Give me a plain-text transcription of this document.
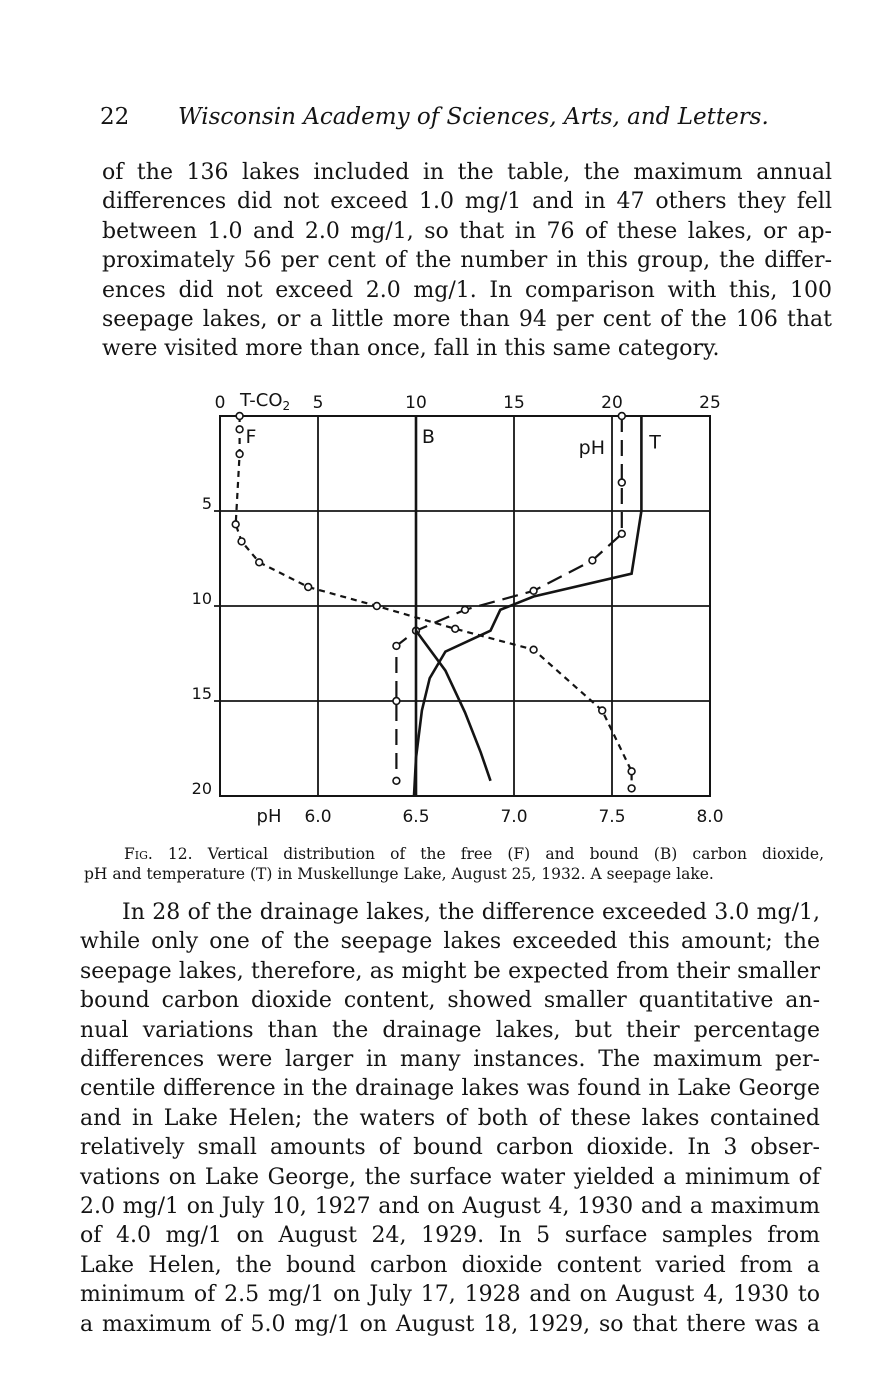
22 Wisconsin Academy of Sciences, Arts, and Letters.
of the 136 lakes included in the table, the maximum annual
differences did not exceed 1.0 mg/1 and in 47 others they fell
between 1.0 and 2.0 mg/1, so that in 76 of these lakes, or ap-
proximately 56 per cent of the number in this group, the differ-
ences did not exceed 2.0 mg/1. In comparison with this, 100
seepage lakes, or a little more than 94 per cent of the 106 that
were visited more than once, fall in this same category.
0	5	10	15	20	25
$T-CO_2$
5
10
15
20
pH 6.0	6.5	7.0	7.5	8.0
F	B
pH T
Fig. 12. Vertical distribution of the free (F) and bound (B) carbon dioxide,
pH and temperature (T) in Muskellunge Lake, August 25, 1932. A seepage lake.
In 28 of the drainage lakes, the difference exceeded 3.0 mg/1,
while only one of the seepage lakes exceeded this amount; the
seepage lakes, therefore, as might be expected from their smaller
bound carbon dioxide content, showed smaller quantitative an-
nual variations than the drainage lakes, but their percentage
differences were larger in many instances. The maximum per-
centile difference in the drainage lakes was found in Lake George
and in Lake Helen; the waters of both of these lakes contained
relatively small amounts of bound carbon dioxide. In 3 obser-
vations on Lake George, the surface water yielded a minimum of
2.0 mg/1 on July 10, 1927 and on August 4, 1930 and a maximum
of 4.0 mg/1 on August 24, 1929. In 5 surface samples from
Lake Helen, the bound carbon dioxide content varied from a
minimum of 2.5 mg/1 on July 17, 1928 and on August 4, 1930 to
a maximum of 5.0 mg/1 on August 18, 1929, so that there was a
